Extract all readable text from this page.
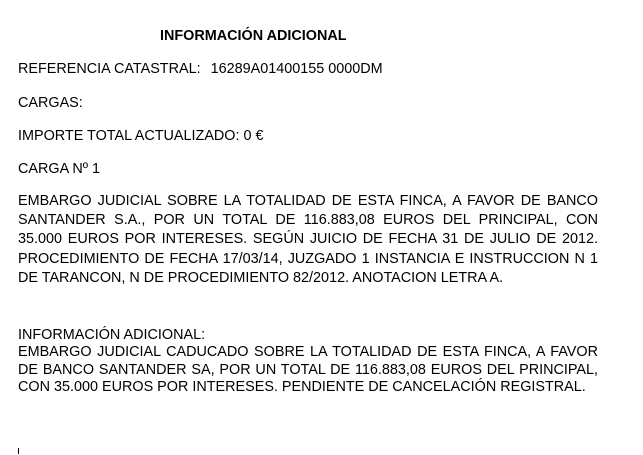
INFORMACIÓN ADICIONAL
REFERENCIA CATASTRAL: 16289A01400155 0000DM
CARGAS:
IMPORTE TOTAL ACTUALIZADO: 0 €
CARGA Nº 1
EMBARGO JUDICIAL SOBRE LA TOTALIDAD DE ESTA FINCA, A FAVOR DE BANCO SANTANDER S.A., POR UN TOTAL DE 116.883,08 EUROS DEL PRINCIPAL, CON 35.000 EUROS POR INTERESES. SEGÚN JUICIO DE FECHA 31 DE JULIO DE 2012. PROCEDIMIENTO DE FECHA 17/03/14, JUZGADO 1 INSTANCIA E INSTRUCCION N 1 DE TARANCON, N DE PROCEDIMIENTO 82/2012. ANOTACION LETRA A.
INFORMACIÓN ADICIONAL:
EMBARGO JUDICIAL CADUCADO SOBRE LA TOTALIDAD DE ESTA FINCA, A FAVOR DE BANCO SANTANDER SA, POR UN TOTAL DE 116.883,08 EUROS DEL PRINCIPAL, CON 35.000 EUROS POR INTERESES. PENDIENTE DE CANCELACIÓN REGISTRAL.
